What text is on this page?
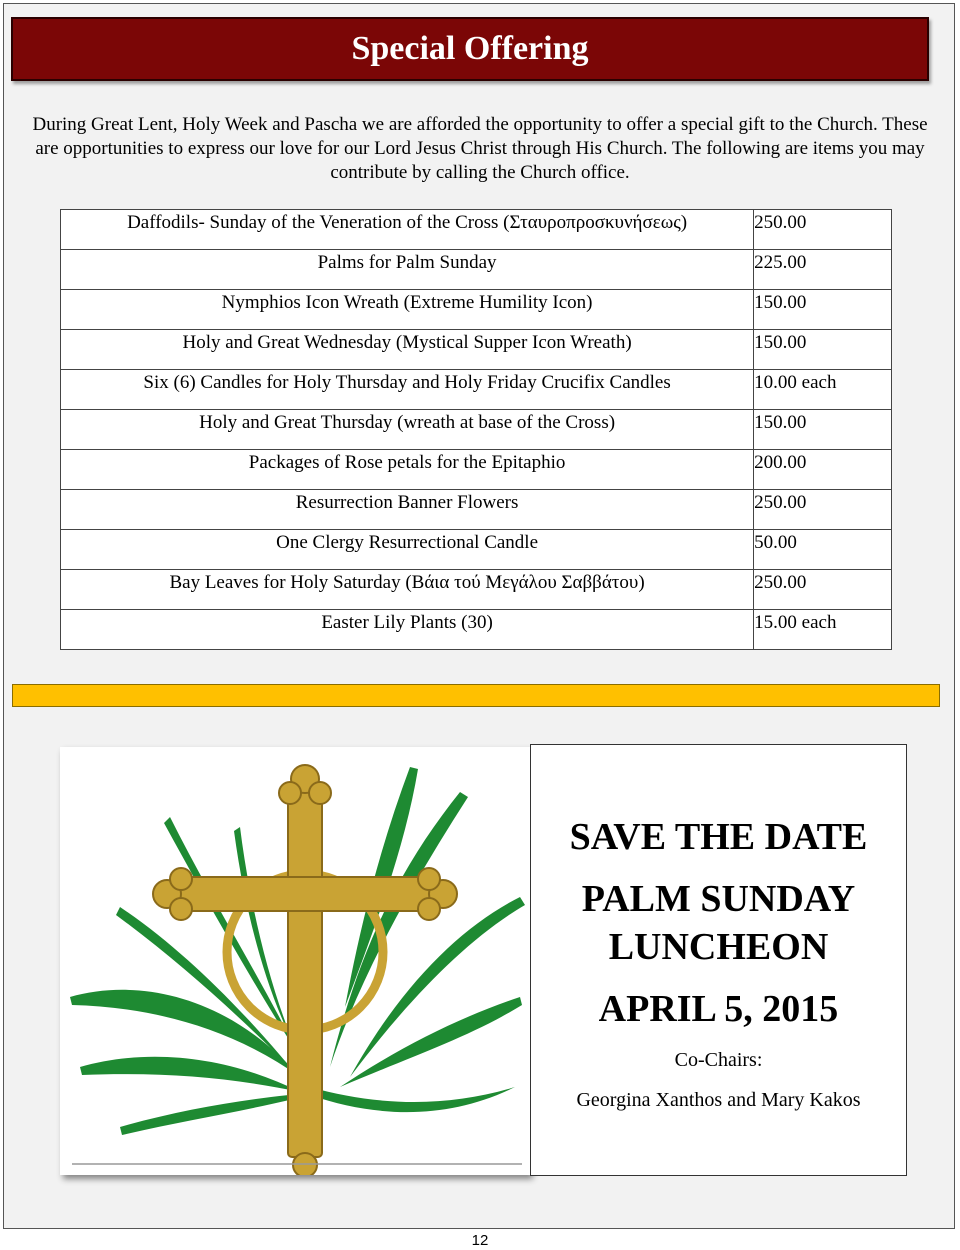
Special Offering
During Great Lent, Holy Week and Pascha we are afforded the opportunity to offer a special gift to the Church. These are opportunities to express our love for our Lord Jesus Christ through His Church. The following are items you may contribute by calling the Church office.
Daffodils- Sunday of the Veneration of the Cross (Σταυροπροσκυνήσεως)	250.00
Palms for Palm Sunday	225.00
Nymphios Icon Wreath (Extreme Humility Icon)	150.00
Holy and Great Wednesday (Mystical Supper Icon Wreath)	150.00
Six (6) Candles for Holy Thursday and Holy Friday Crucifix Candles	10.00 each
Holy and Great Thursday (wreath at base of the Cross)	150.00
Packages of Rose petals for the Epitaphio	200.00
Resurrection Banner Flowers	250.00
One Clergy Resurrectional Candle	50.00
Bay Leaves for Holy Saturday (Βάια τού Μεγάλου Σαββάτου)	250.00
Easter Lily Plants (30)	15.00 each
SAVE THE DATE
PALM SUNDAY
LUNCHEON
APRIL 5, 2015
Co-Chairs:
Georgina Xanthos and Mary Kakos
12
